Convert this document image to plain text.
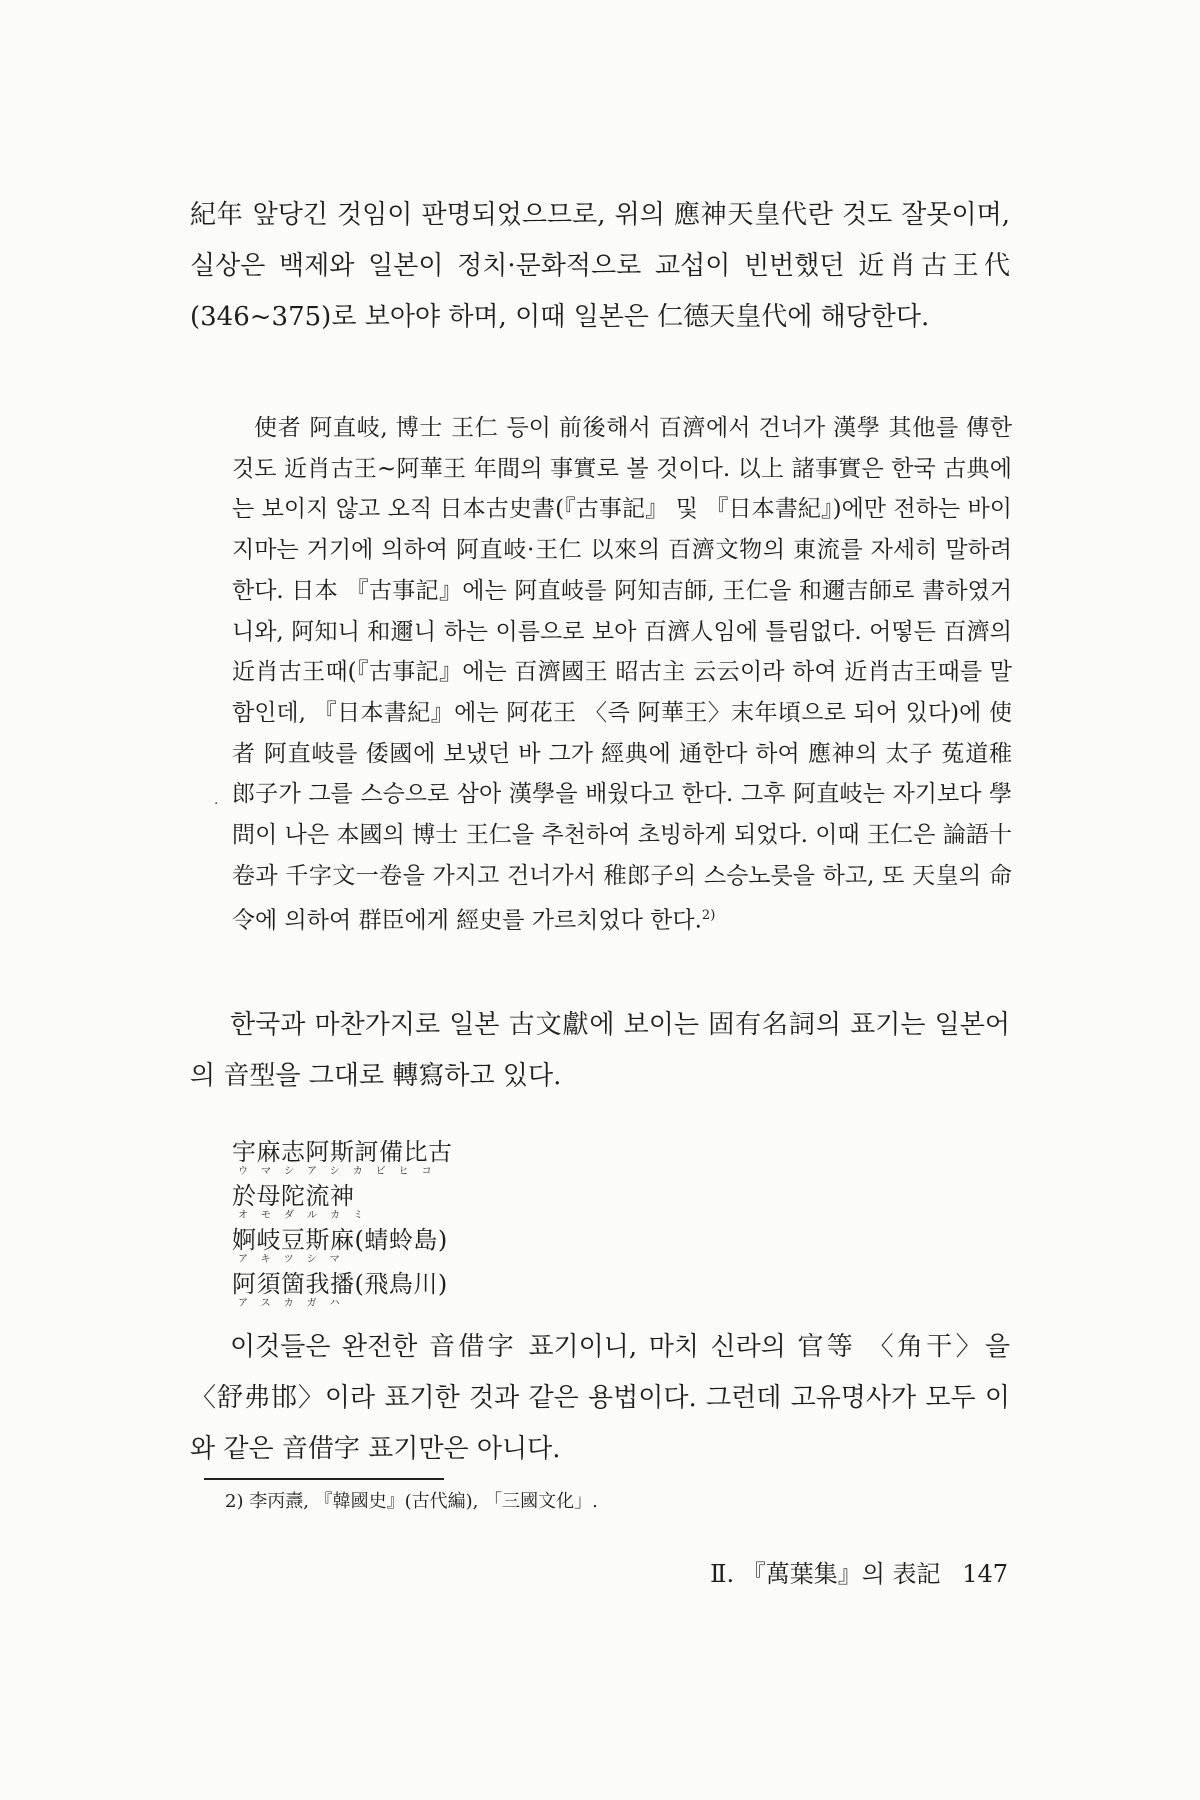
紀年 앞당긴 것임이 판명되었으므로, 위의 應神天皇代란 것도 잘못이며, 실상은 백제와 일본이 정치·문화적으로 교섭이 빈번했던 近肖古王代(346~375)로 보아야 하며, 이때 일본은 仁德天皇代에 해당한다.

使者 阿直岐, 博士 王仁 등이 前後해서 百濟에서 건너가 漢學 其他를 傳한 것도 近肖古王~阿華王 年間의 事實로 볼 것이다. 以上 諸事實은 한국 古典에는 보이지 않고 오직 日本古史書(『古事記』 및 『日本書紀』)에만 전하는 바이지마는 거기에 의하여 阿直岐·王仁 以來의 百濟文物의 東流를 자세히 말하려 한다. 日本 『古事記』에는 阿直岐를 阿知吉師, 王仁을 和邇吉師로 書하였거니와, 阿知니 和邇니 하는 이름으로 보아 百濟人임에 틀림없다. 어떻든 百濟의 近肖古王때(『古事記』에는 百濟國王 昭古主 云云이라 하여 近肖古王때를 말함인데, 『日本書紀』에는 阿花王 〈즉 阿華王〉末年頃으로 되어 있다)에 使者 阿直岐를 倭國에 보냈던 바 그가 經典에 通한다 하여 應神의 太子 菟道稚郎子가 그를 스승으로 삼아 漢學을 배웠다고 한다. 그후 阿直岐는 자기보다 學問이 나은 本國의 博士 王仁을 추천하여 초빙하게 되었다. 이때 王仁은 論語十卷과 千字文一卷을 가지고 건너가서 稚郎子의 스승노릇을 하고, 또 天皇의 命令에 의하여 群臣에게 經史를 가르치었다 한다.$^{2)}$
·

한국과 마찬가지로 일본 古文獻에 보이는 固有名詞의 표기는 일본어의 音型을 그대로 轉寫하고 있다.

宇麻志阿斯訶備比古
ウマシアシカビヒコ
於母陀流神
オモダルカミ
婀岐豆斯麻(蜻蛉島)
アキツシマ
阿須箇我播(飛鳥川)
アスカガハ

이것들은 완전한 音借字 표기이니, 마치 신라의 官等 〈角干〉을 〈舒弗邯〉이라 표기한 것과 같은 용법이다. 그런데 고유명사가 모두 이와 같은 音借字 표기만은 아니다.

2) 李丙燾, 『韓國史』(古代編), 「三國文化」.
Ⅱ. 『萬葉集』의 表記 147
